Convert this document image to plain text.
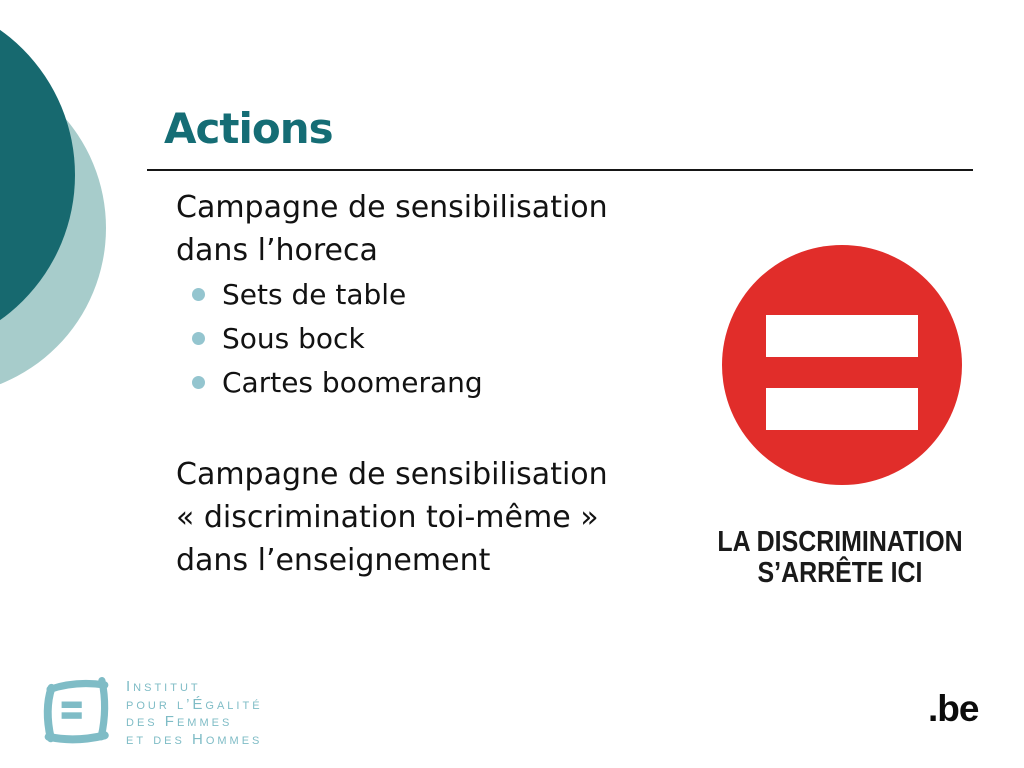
Actions
Campagne de sensibilisation
dans l’horeca
Sets de table
Sous bock
Cartes boomerang
Campagne de sensibilisation
« discrimination toi-même »
dans l’enseignement
LA DISCRIMINATION
S’ARRÊTE ICI
Institut
pour l’Égalité
des Femmes
et des Hommes
.be
